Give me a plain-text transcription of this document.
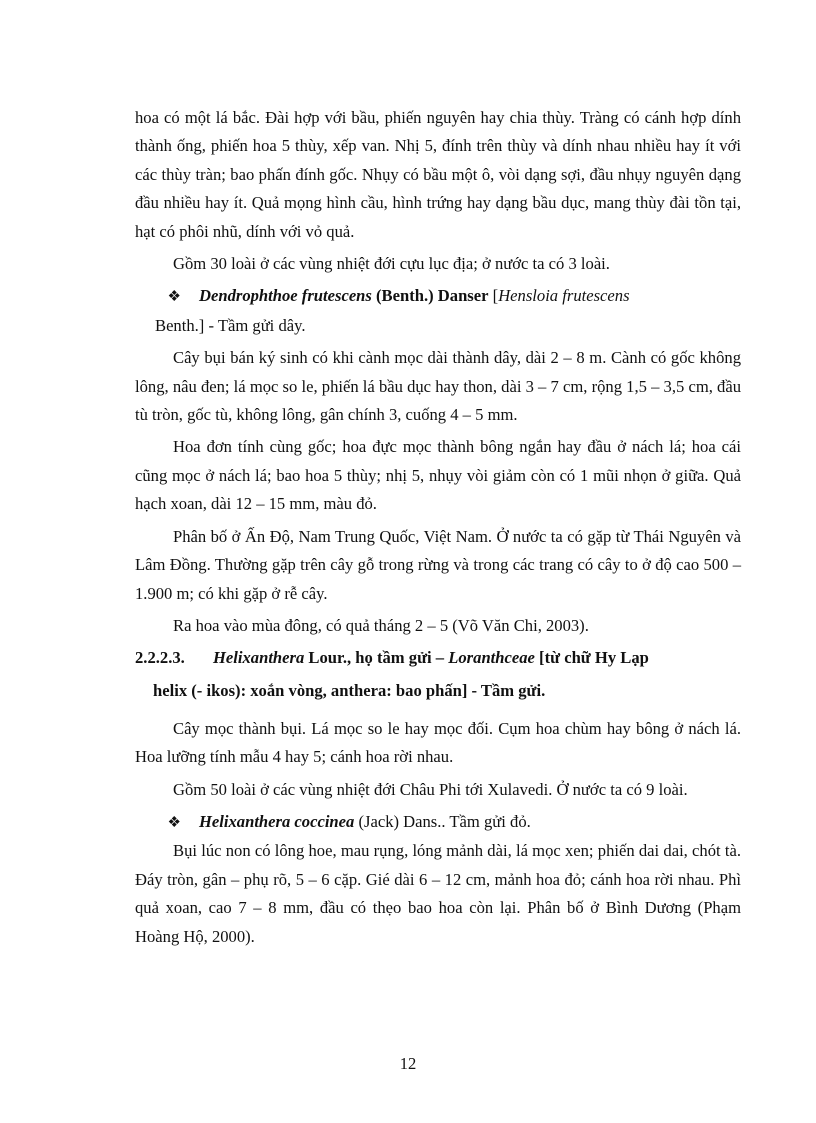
hoa có một lá bắc. Đài hợp với bầu, phiến nguyên hay chia thùy. Tràng có cánh hợp dính thành ống, phiến hoa 5 thùy, xếp van. Nhị 5, đính trên thùy và dính nhau nhiều hay ít với các thùy tràn; bao phấn đính gốc. Nhụy có bầu một ô, vòi dạng sợi, đầu nhụy nguyên dạng đầu nhiều hay ít. Quả mọng hình cầu, hình trứng hay dạng bầu dục, mang thùy đài tồn tại, hạt có phôi nhũ, dính với vỏ quả.

Gồm 30 loài ở các vùng nhiệt đới cựu lục địa; ở nước ta có 3 loài.

❖	Dendrophthoe frutescens (Benth.) Danser [Hensloia frutescens

Benth.] - Tầm gửi dây.

Cây bụi bán ký sinh có khi cành mọc dài thành dây, dài 2 – 8 m. Cành có gốc không lông, nâu đen; lá mọc so le, phiến lá bầu dục hay thon, dài 3 – 7 cm, rộng 1,5 – 3,5 cm, đầu tù tròn, gốc tù, không lông, gân chính 3, cuống 4 – 5 mm.

Hoa đơn tính cùng gốc; hoa đực mọc thành bông ngắn hay đầu ở nách lá; hoa cái cũng mọc ở nách lá; bao hoa 5 thùy; nhị 5, nhụy vòi giảm còn có 1 mũi nhọn ở giữa. Quả hạch xoan, dài 12 – 15 mm, màu đỏ.

Phân bố ở Ấn Độ, Nam Trung Quốc, Việt Nam. Ở nước ta có gặp từ Thái Nguyên và Lâm Đồng. Thường gặp trên cây gỗ trong rừng và trong các trang có cây to ở độ cao 500 – 1.900 m; có khi gặp ở rễ cây.

Ra hoa vào mùa đông, có quả tháng 2 – 5 (Võ Văn Chi, 2003).

2.2.2.3.	Helixanthera Lour., họ tầm gửi – Loranthceae [từ chữ Hy Lạp

helix (- ikos): xoắn vòng, anthera: bao phấn] - Tầm gửi.

Cây mọc thành bụi. Lá mọc so le hay mọc đối. Cụm hoa chùm hay bông ở nách lá. Hoa lưỡng tính mẫu 4 hay 5; cánh hoa rời nhau.

Gồm 50 loài ở các vùng nhiệt đới Châu Phi tới Xulavedi. Ở nước ta có 9 loài.

❖	Helixanthera coccinea (Jack) Dans.. Tầm gửi đỏ.

Bụi lúc non có lông hoe, mau rụng, lóng mảnh dài, lá mọc xen; phiến dai dai, chót tà. Đáy tròn, gân – phụ rõ, 5 – 6 cặp. Gié dài 6 – 12 cm, mảnh hoa đỏ; cánh hoa rời nhau. Phì quả xoan, cao 7 – 8 mm, đầu có thẹo bao hoa còn lại. Phân bố ở Bình Dương (Phạm Hoàng Hộ, 2000).

12
